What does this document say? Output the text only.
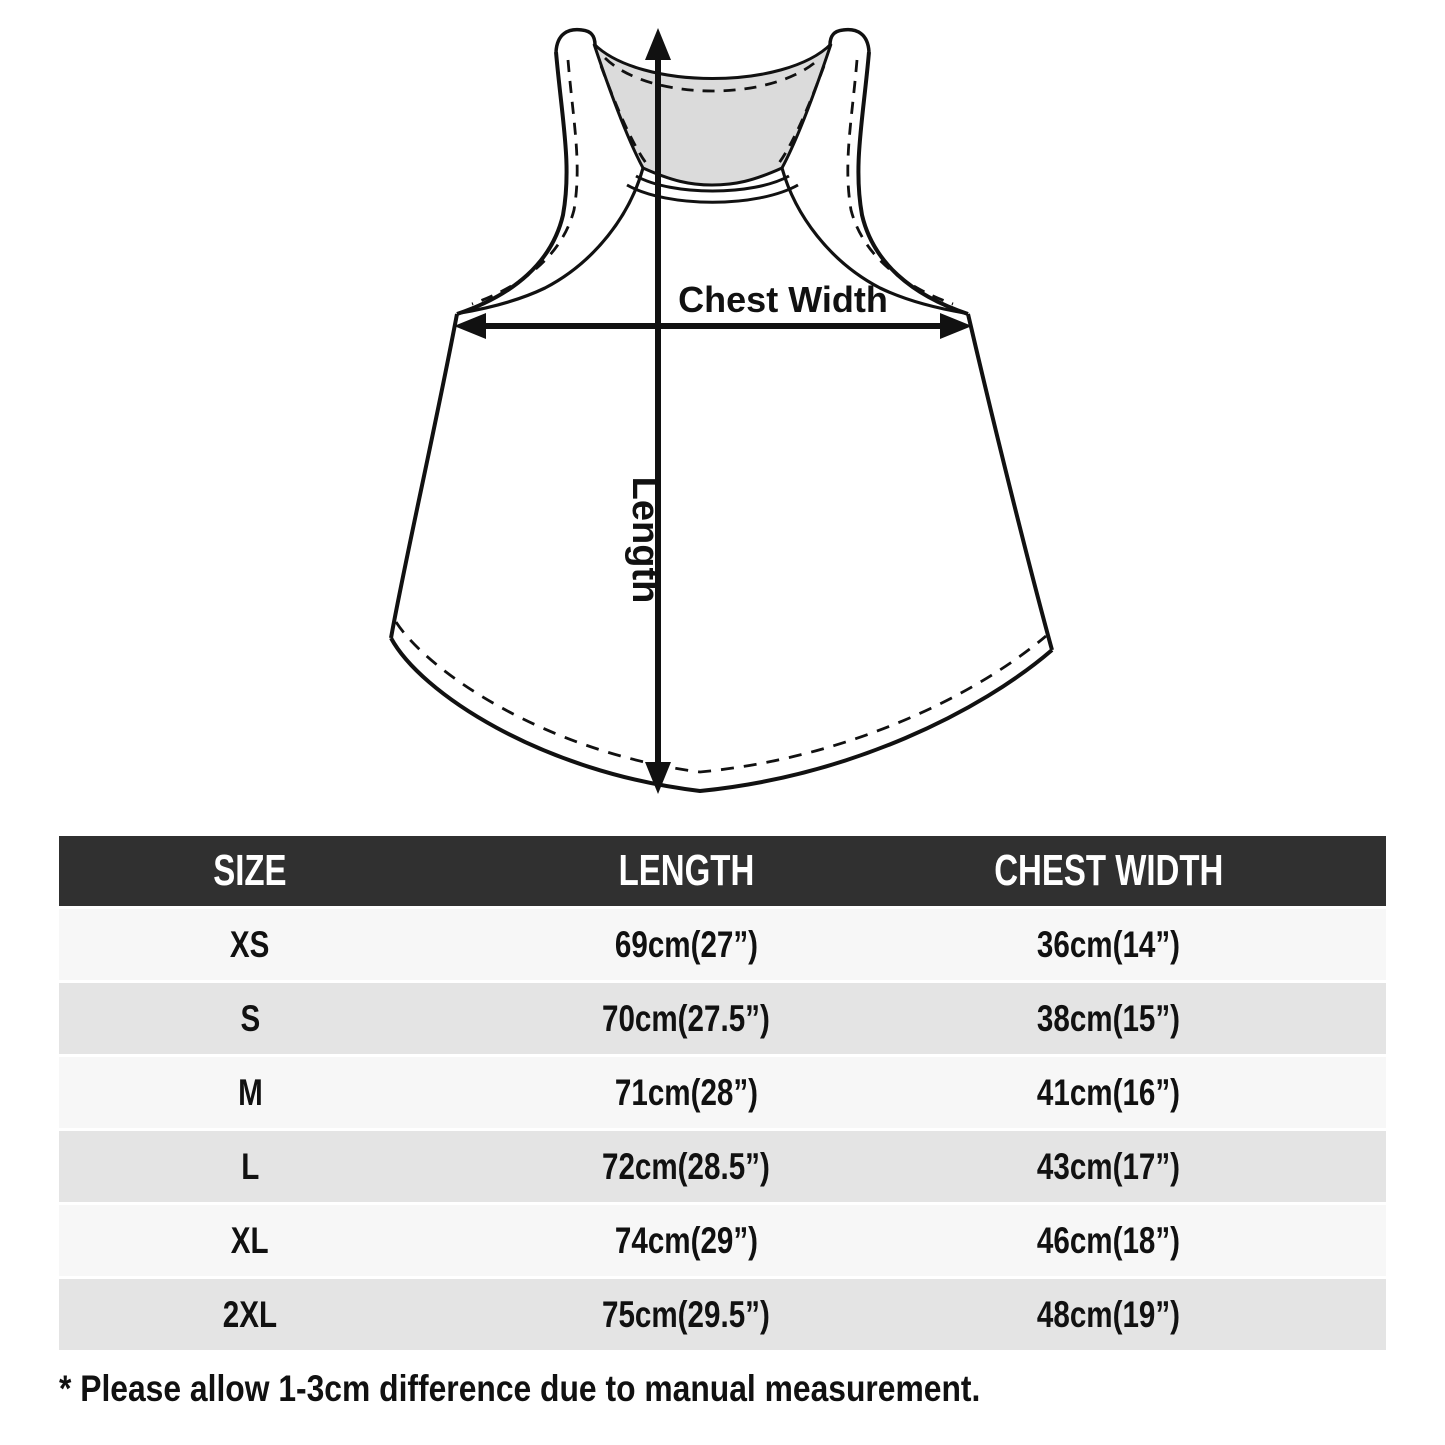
Chest Width
Length
SIZE	LENGTH	CHEST WIDTH
XS	69cm(27”)	36cm(14”)
S	70cm(27.5”)	38cm(15”)
M	71cm(28”)	41cm(16”)
L	72cm(28.5”)	43cm(17”)
XL	74cm(29”)	46cm(18”)
2XL	75cm(29.5”)	48cm(19”)

* Please allow 1-3cm difference due to manual measurement.
